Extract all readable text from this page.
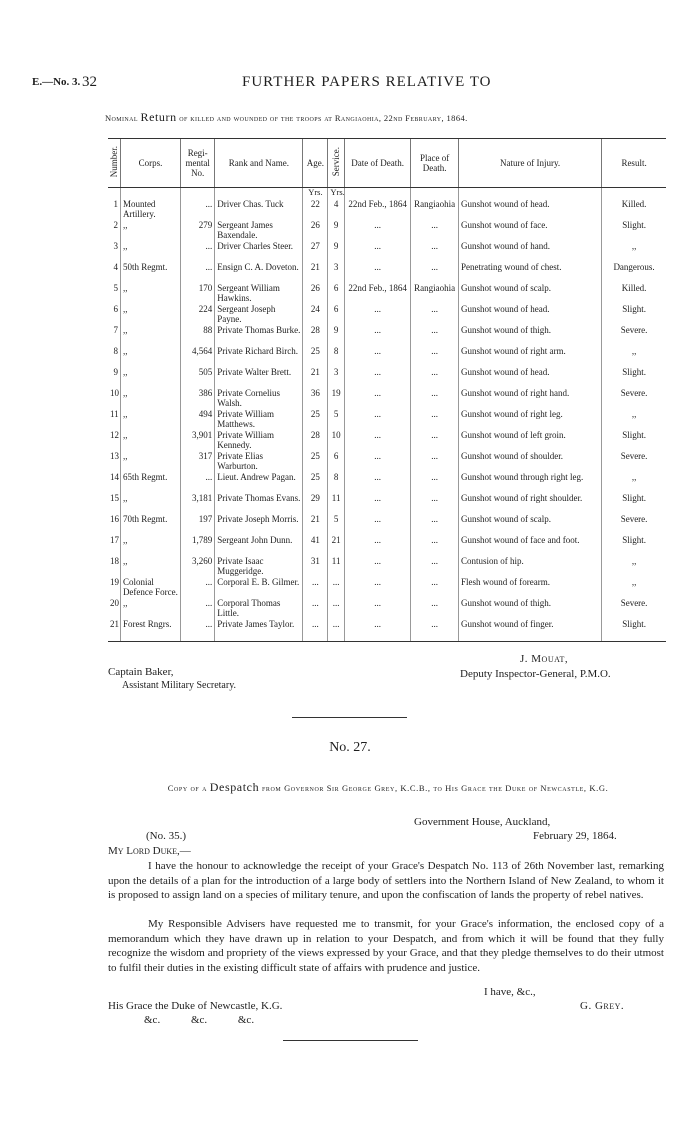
E.—No. 3. 32	FURTHER PAPERS RELATIVE TO
Nominal Return of killed and wounded of the troops at Rangiaohia, 22nd February, 1864.
Number.	Corps.	Regi-mental No.	Rank and Name.	Age.	Service.	Date of Death.	Place of Death.	Nature of Injury.	Result.
				Yrs.	Yrs.				
1	Mounted Artillery.	...	Driver Chas. Tuck	22	4	22nd Feb., 1864	Rangiaohia	Gunshot wound of head.	Killed.
2	,,	279	Sergeant James Baxendale.	26	9	...	...	Gunshot wound of face.	Slight.
3	,,	...	Driver Charles Steer.	27	9	...	...	Gunshot wound of hand.	,,
4	50th Regmt.	...	Ensign C. A. Doveton.	21	3	...	...	Penetrating wound of chest.	Dangerous.
5	,,	170	Sergeant William Hawkins.	26	6	22nd Feb., 1864	Rangiaohia	Gunshot wound of scalp.	Killed.
6	,,	224	Sergeant Joseph Payne.	24	6	...	...	Gunshot wound of head.	Slight.
7	,,	88	Private Thomas Burke.	28	9	...	...	Gunshot wound of thigh.	Severe.
8	,,	4,564	Private Richard Birch.	25	8	...	...	Gunshot wound of right arm.	,,
9	,,	505	Private Walter Brett.	21	3	...	...	Gunshot wound of head.	Slight.
10	,,	386	Private Cornelius Walsh.	36	19	...	...	Gunshot wound of right hand.	Severe.
11	,,	494	Private William Matthews.	25	5	...	...	Gunshot wound of right leg.	,,
12	,,	3,901	Private William Kennedy.	28	10	...	...	Gunshot wound of left groin.	Slight.
13	,,	317	Private Elias Warburton.	25	6	...	...	Gunshot wound of shoulder.	Severe.
14	65th Regmt.	...	Lieut. Andrew Pagan.	25	8	...	...	Gunshot wound through right leg.	,,
15	,,	3,181	Private Thomas Evans.	29	11	...	...	Gunshot wound of right shoulder.	Slight.
16	70th Regmt.	197	Private Joseph Morris.	21	5	...	...	Gunshot wound of scalp.	Severe.
17	,,	1,789	Sergeant John Dunn.	41	21	...	...	Gunshot wound of face and foot.	Slight.
18	,,	3,260	Private Isaac Muggeridge.	31	11	...	...	Contusion of hip.	,,
19	Colonial Defence Force.	...	Corporal E. B. Gilmer.	...	...	...	...	Flesh wound of forearm.	,,
20	,,	...	Corporal Thomas Little.	...	...	...	...	Gunshot wound of thigh.	Severe.
21	Forest Rngrs.	...	Private James Taylor.	...	...	...	...	Gunshot wound of finger.	Slight.
J. Mouat,
Deputy Inspector-General, P.M.O.
Captain Baker,
Assistant Military Secretary.
No. 27.
Copy of a Despatch from Governor Sir George Grey, K.C.B., to His Grace the Duke of Newcastle, K.G.
Government House, Auckland,
February 29, 1864.
(No. 35.)
My Lord Duke,—
I have the honour to acknowledge the receipt of your Grace's Despatch No. 113 of 26th November last, remarking upon the details of a plan for the introduction of a large body of settlers into the Northern Island of New Zealand, to whom it is proposed to assign land on a species of military tenure, and upon the confiscation of lands the property of rebel natives.
My Responsible Advisers have requested me to transmit, for your Grace's information, the enclosed copy of a memorandum which they have drawn up in relation to your Despatch, and from which it will be found that they fully recognize the wisdom and propriety of the views expressed by your Grace, and that they pledge themselves to do their utmost to fulfil their duties in the existing difficult state of affairs with prudence and justice.
I have, &c.,
His Grace the Duke of Newcastle, K.G.	G. Grey.
&c. &c. &c.
